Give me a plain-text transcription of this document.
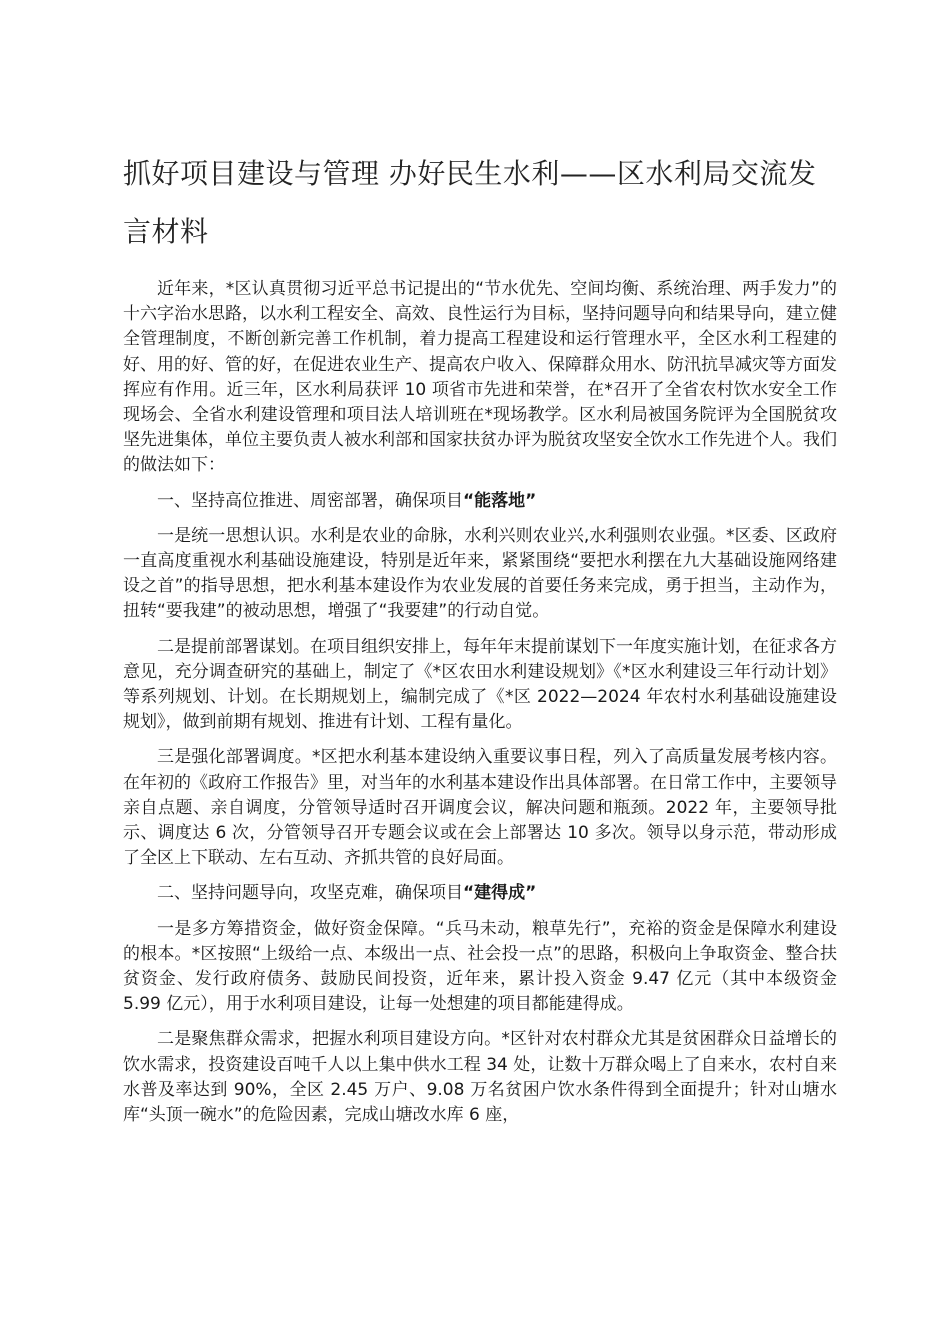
抓好项目建设与管理 办好民生水利——区水利局交流发言材料

近年来，*区认真贯彻习近平总书记提出的“节水优先、空间均衡、系统治理、两手发力”的十六字治水思路，以水利工程安全、高效、良性运行为目标，坚持问题导向和结果导向，建立健全管理制度，不断创新完善工作机制，着力提高工程建设和运行管理水平，全区水利工程建的好、用的好、管的好，在促进农业生产、提高农户收入、保障群众用水、防汛抗旱减灾等方面发挥应有作用。近三年，区水利局获评 10 项省市先进和荣誉，在*召开了全省农村饮水安全工作现场会、全省水利建设管理和项目法人培训班在*现场教学。区水利局被国务院评为全国脱贫攻坚先进集体，单位主要负责人被水利部和国家扶贫办评为脱贫攻坚安全饮水工作先进个人。我们的做法如下：

一、坚持高位推进、周密部署，确保项目“能落地”

一是统一思想认识。水利是农业的命脉，水利兴则农业兴,水利强则农业强。*区委、区政府一直高度重视水利基础设施建设，特别是近年来，紧紧围绕“要把水利摆在九大基础设施网络建设之首”的指导思想，把水利基本建设作为农业发展的首要任务来完成，勇于担当，主动作为，扭转“要我建”的被动思想，增强了“我要建”的行动自觉。

二是提前部署谋划。在项目组织安排上，每年年末提前谋划下一年度实施计划，在征求各方意见，充分调查研究的基础上，制定了《*区农田水利建设规划》《*区水利建设三年行动计划》等系列规划、计划。在长期规划上，编制完成了《*区 2022—2024 年农村水利基础设施建设规划》，做到前期有规划、推进有计划、工程有量化。

三是强化部署调度。*区把水利基本建设纳入重要议事日程，列入了高质量发展考核内容。在年初的《政府工作报告》里，对当年的水利基本建设作出具体部署。在日常工作中，主要领导亲自点题、亲自调度，分管领导适时召开调度会议，解决问题和瓶颈。2022 年，主要领导批示、调度达 6 次，分管领导召开专题会议或在会上部署达 10 多次。领导以身示范，带动形成了全区上下联动、左右互动、齐抓共管的良好局面。

二、坚持问题导向，攻坚克难，确保项目“建得成”

一是多方筹措资金，做好资金保障。“兵马未动，粮草先行”，充裕的资金是保障水利建设的根本。*区按照“上级给一点、本级出一点、社会投一点”的思路，积极向上争取资金、整合扶贫资金、发行政府债务、鼓励民间投资，近年来，累计投入资金 9.47 亿元（其中本级资金 5.99 亿元），用于水利项目建设，让每一处想建的项目都能建得成。

二是聚焦群众需求，把握水利项目建设方向。*区针对农村群众尤其是贫困群众日益增长的饮水需求，投资建设百吨千人以上集中供水工程 34 处，让数十万群众喝上了自来水，农村自来水普及率达到 90%，全区 2.45 万户、9.08 万名贫困户饮水条件得到全面提升；针对山塘水库“头顶一碗水”的危险因素，完成山塘改水库 6 座，
